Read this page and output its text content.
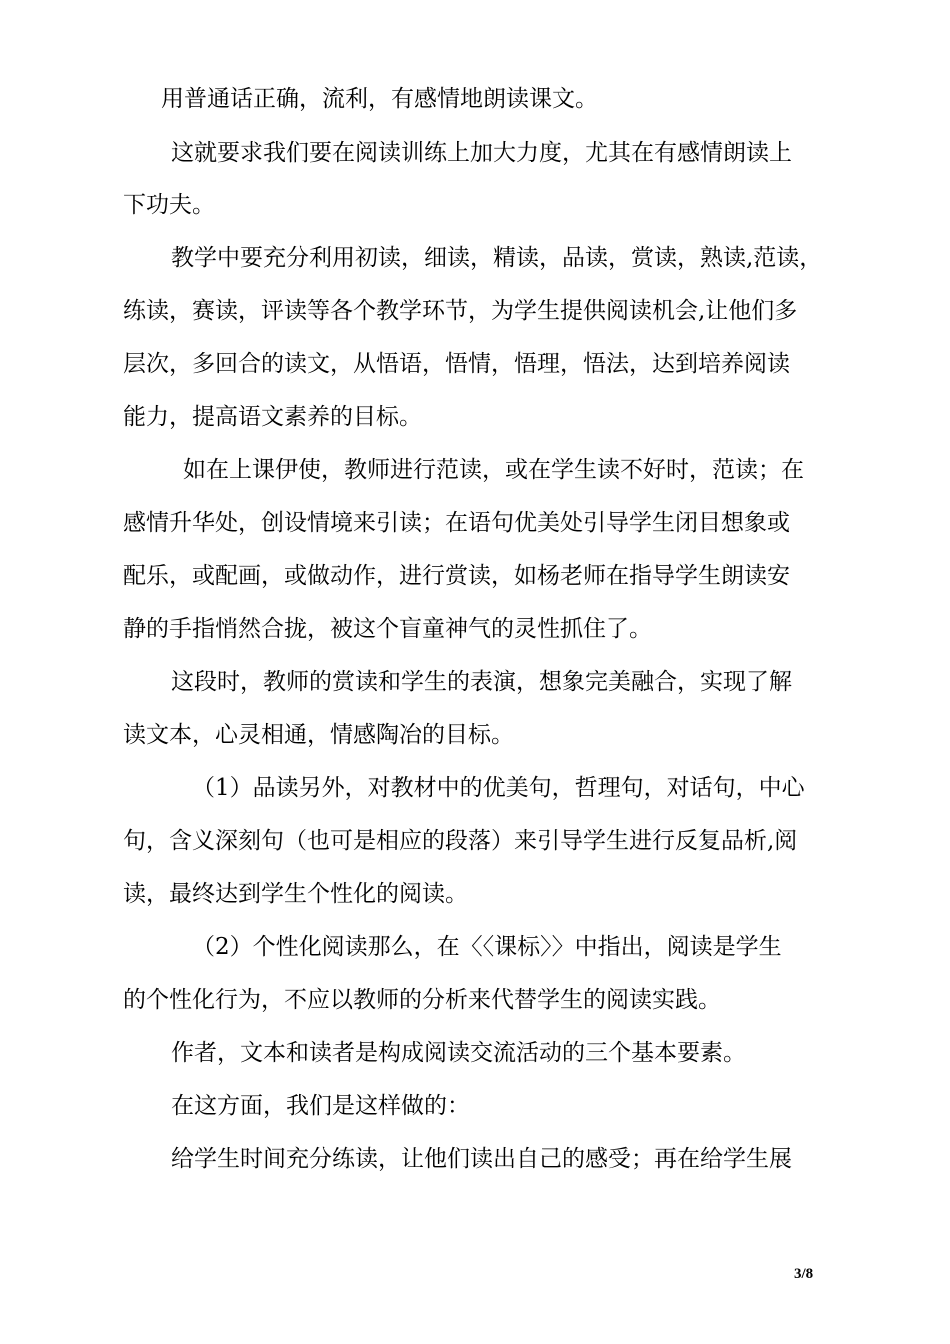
用普通话正确，流利，有感情地朗读课文。
这就要求我们要在阅读训练上加大力度，尤其在有感情朗读上
下功夫。
教学中要充分利用初读，细读，精读，品读，赏读，熟读,范读，
练读，赛读，评读等各个教学环节，为学生提供阅读机会,让他们多
层次，多回合的读文，从悟语，悟情，悟理，悟法，达到培养阅读
能力，提高语文素养的目标。
如在上课伊使，教师进行范读，或在学生读不好时，范读；在
感情升华处，创设情境来引读；在语句优美处引导学生闭目想象或
配乐，或配画，或做动作，进行赏读，如杨老师在指导学生朗读安
静的手指悄然合拢，被这个盲童神气的灵性抓住了。
这段时，教师的赏读和学生的表演，想象完美融合，实现了解
读文本，心灵相通，情感陶冶的目标。
（1）品读另外，对教材中的优美句，哲理句，对话句，中心
句，含义深刻句（也可是相应的段落）来引导学生进行反复品析,阅
读，最终达到学生个性化的阅读。
（2）个性化阅读那么，在〈〈课标〉〉中指出，阅读是学生
的个性化行为，不应以教师的分析来代替学生的阅读实践。
作者，文本和读者是构成阅读交流活动的三个基本要素。
在这方面，我们是这样做的：
给学生时间充分练读，让他们读出自己的感受；再在给学生展
3/8
